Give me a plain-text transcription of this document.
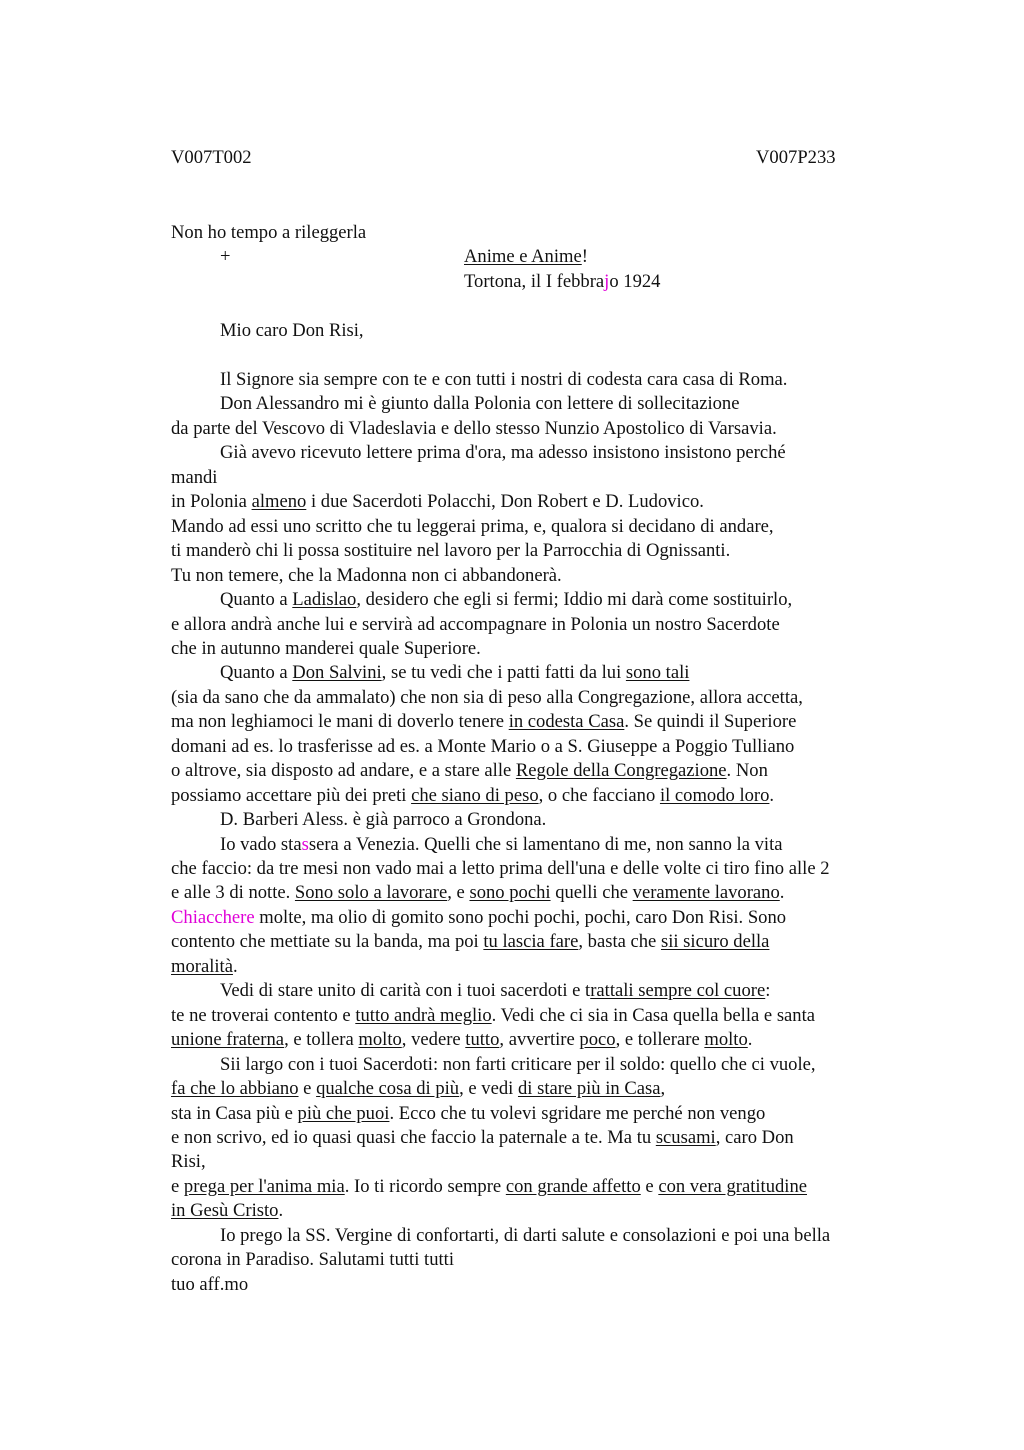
V007T002	V007P233
Non ho tempo a rileggerla
+	Anime e Anime!
Tortona, il I febbrajo 1924
Mio caro Don Risi,
Il Signore sia sempre con te e con tutti i nostri di codesta cara casa di Roma.
Don Alessandro mi è giunto dalla Polonia con lettere di sollecitazione
da parte del Vescovo di Vladeslavia e dello stesso Nunzio Apostolico di Varsavia.
Già avevo ricevuto lettere prima d'ora, ma adesso insistono insistono perché
mandi
in Polonia almeno i due Sacerdoti Polacchi, Don Robert e D. Ludovico.
Mando ad essi uno scritto che tu leggerai prima, e, qualora si decidano di andare,
ti manderò chi li possa sostituire nel lavoro per la Parrocchia di Ognissanti.
Tu non temere, che la Madonna non ci abbandonerà.
Quanto a Ladislao, desidero che egli si fermi; Iddio mi darà come sostituirlo,
e allora andrà anche lui e servirà ad accompagnare in Polonia un nostro Sacerdote
che in autunno manderei quale Superiore.
Quanto a Don Salvini, se tu vedi che i patti fatti da lui sono tali
(sia da sano che da ammalato) che non sia di peso alla Congregazione, allora accetta,
ma non leghiamoci le mani di doverlo tenere in codesta Casa. Se quindi il Superiore
domani ad es. lo trasferisse ad es. a Monte Mario o a S. Giuseppe a Poggio Tulliano
o altrove, sia disposto ad andare, e a stare alle Regole della Congregazione. Non
possiamo accettare più dei preti che siano di peso, o che facciano il comodo loro.
D. Barberi Aless. è già parroco a Grondona.
Io vado stassera a Venezia. Quelli che si lamentano di me, non sanno la vita
che faccio: da tre mesi non vado mai a letto prima dell'una e delle volte ci tiro fino alle 2
e alle 3 di notte. Sono solo a lavorare, e sono pochi quelli che veramente lavorano.
Chiacchere molte, ma olio di gomito sono pochi pochi, pochi, caro Don Risi. Sono
contento che mettiate su la banda, ma poi tu lascia fare, basta che sii sicuro della
moralità.
Vedi di stare unito di carità con i tuoi sacerdoti e trattali sempre col cuore:
te ne troverai contento e tutto andrà meglio. Vedi che ci sia in Casa quella bella e santa
unione fraterna, e tollera molto, vedere tutto, avvertire poco, e tollerare molto.
Sii largo con i tuoi Sacerdoti: non farti criticare per il soldo: quello che ci vuole,
fa che lo abbiano e qualche cosa di più, e vedi di stare più in Casa,
sta in Casa più e più che puoi. Ecco che tu volevi sgridare me perché non vengo
e non scrivo, ed io quasi quasi che faccio la paternale a te. Ma tu scusami, caro Don
Risi,
e prega per l'anima mia. Io ti ricordo sempre con grande affetto e con vera gratitudine
in Gesù Cristo.
Io prego la SS. Vergine di confortarti, di darti salute e consolazioni e poi una bella
corona in Paradiso. Salutami tutti tutti
tuo aff.mo
